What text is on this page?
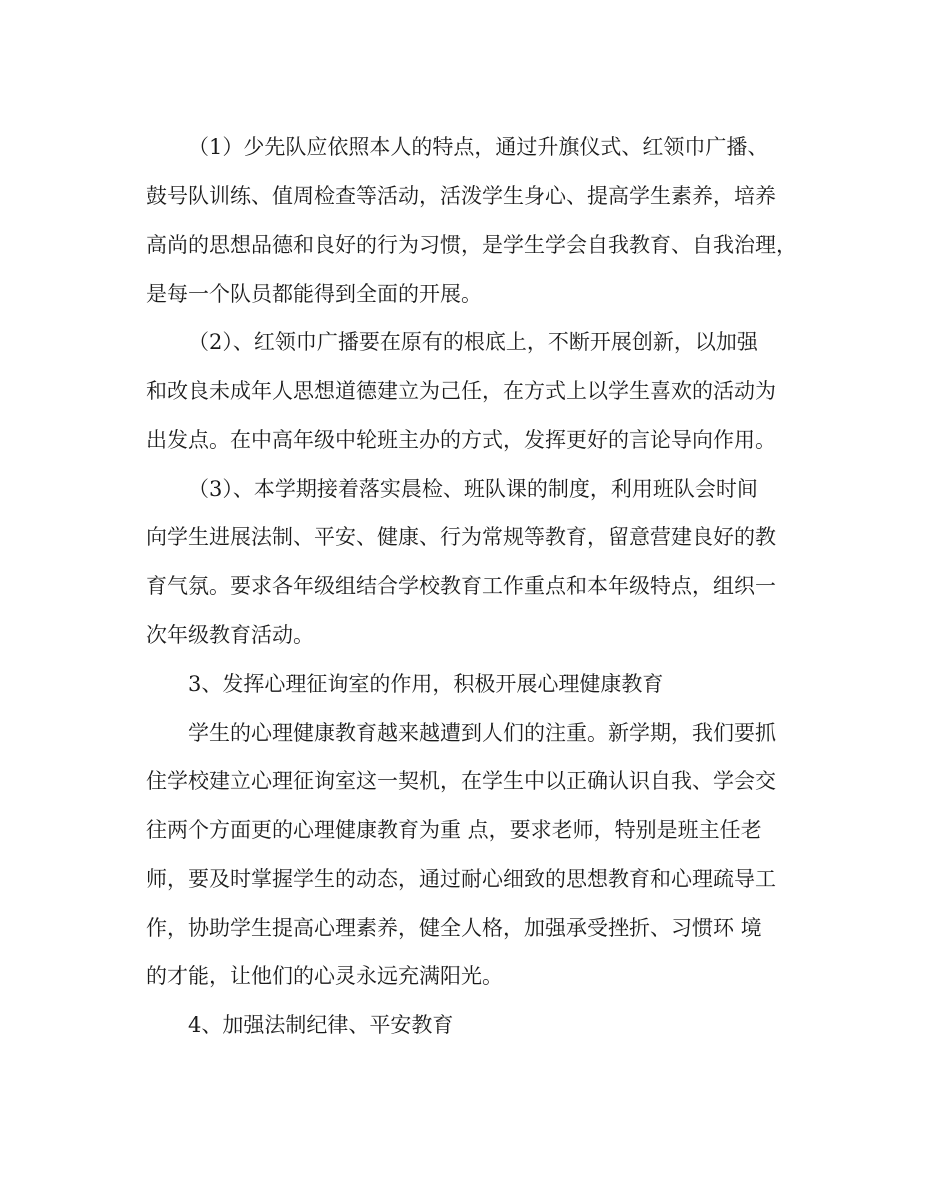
（1）少先队应依照本人的特点，通过升旗仪式、红领巾广播、

鼓号队训练、值周检查等活动，活泼学生身心、提高学生素养，培养

高尚的思想品德和良好的行为习惯，是学生学会自我教育、自我治理，

是每一个队员都能得到全面的开展。

（2）、红领巾广播要在原有的根底上，不断开展创新，以加强

和改良未成年人思想道德建立为己任，在方式上以学生喜欢的活动为

出发点。在中高年级中轮班主办的方式，发挥更好的言论导向作用。

（3）、本学期接着落实晨检、班队课的制度，利用班队会时间

向学生进展法制、平安、健康、行为常规等教育，留意营建良好的教

育气氛。要求各年级组结合学校教育工作重点和本年级特点，组织一

次年级教育活动。

3、发挥心理征询室的作用，积极开展心理健康教育

学生的心理健康教育越来越遭到人们的注重。新学期，我们要抓

住学校建立心理征询室这一契机，在学生中以正确认识自我、学会交

往两个方面更的心理健康教育为重 点，要求老师，特别是班主任老

师，要及时掌握学生的动态，通过耐心细致的思想教育和心理疏导工

作，协助学生提高心理素养，健全人格，加强承受挫折、习惯环 境

的才能，让他们的心灵永远充满阳光。

4、加强法制纪律、平安教育
